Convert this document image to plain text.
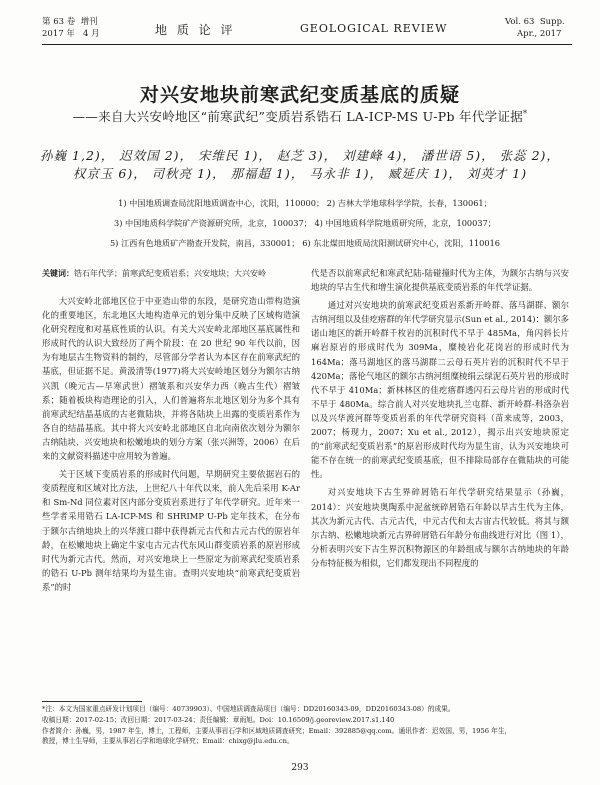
第 63 卷 增刊
2017 年 4 月	地 质 论 评	GEOLOGICAL REVIEW	Vol. 63 Supp.
Apr., 2017
对兴安地块前寒武纪变质基底的质疑
——来自大兴安岭地区“前寒武纪”变质岩系锆石 LA-ICP-MS U-Pb 年代学证据*
孙巍 1,2)， 迟效国 2)， 宋维民 1)， 赵芝 3)， 刘建峰 4)， 潘世语 5)， 张蕊 2)，
权京玉 6)， 司秋亮 1)， 那福超 1)， 马永非 1)， 臧延庆 1)， 刘英才 1)
1) 中国地质调查局沈阳地质调查中心，沈阳，110000； 2) 吉林大学地球科学学院，长春，130061；
3) 中国地质科学院矿产资源研究所，北京，100037； 4) 中国地质科学院地质研究所，北京，100037；
5) 江西有色地质矿产勘查开发院，南昌，330001； 6) 东北煤田地质局沈阳测试研究中心，沈阳，110016
关键词：锆石年代学；前寒武纪变质岩系；兴安地块；大兴安岭

大兴安岭北部地区位于中亚造山带的东段，是研究造山带构造演化的重要地区，东北地区大地构造单元的划分集中反映了区域构造演化研究程度和对基底性质的认识。有关大兴安岭北部地区基底属性和形成时代的认识大致经历了两个阶段：在 20 世纪 90 年代以前，因为有地层古生物资料的制约，尽管部分学者认为本区存在前寒武纪的基底，但证据不足。黄汲清等(1977)将大兴安岭地区划分为额尔古纳兴凯（晚元古—早寒武世）褶皱系和兴安华力西（晚古生代）褶皱系；随着板块构造理论的引入，人们普遍将东北地区划分为多个具有前寒武纪结晶基底的古老微陆块，并将各陆块上出露的变质岩系作为各自的结晶基底。其中将大兴安岭北部地区自北向南依次划分为额尔古纳陆块、兴安地块和松嫩地块的划分方案（张兴洲等，2006）在后来的文献资料描述中应用较为普遍。

关于区域下变质岩系的形成时代问题，早期研究主要依据岩石的变质程度和区域对比方法，上世纪八十年代以来，前人先后采用 K-Ar 和 Sm-Nd 同位素对区内部分变质岩系进行了年代学研究。近年来一些学者采用锆石 LA-ICP-MS 和 SHRIMP U-Pb 定年技术，在分布于额尔古纳地块上的兴华渡口群中获得新元古代和古元古代的原岩年龄，在松嫩地块上确定牛家屯古元古代东风山群变质岩系的原岩形成时代为新元古代。然而，对兴安地块上一些原定为前寒武纪变质岩系的锆石 U-Pb 测年结果均为显生宙。查明兴安地块“前寒武纪变质岩系”的时

代是否以前寒武纪和寒武纪陆-陆碰撞时代为主体，为额尔古纳与兴安地块的早古生代和增生演化提供基底变质岩系的年代学证据。

通过对兴安地块的前寒武纪变质岩系新开岭群、落马湖群、额尔古纳河组以及佳疙瘩群的年代学研究显示(Sun et al., 2014)：额尔多诺山地区的新开岭群千枚岩的沉积时代不早于 485Ma，角闪斜长片麻岩原岩的形成时代为 309Ma，糜棱岩化花岗岩的形成时代为 164Ma；落马湖地区的落马湖群二云母石英片岩的沉积时代不早于 420Ma；落伦气地区的额尔古纳河组糜棱绢云绿泥石英片岩的形成时代不早于 410Ma；新林林区的佳疙瘩群透闪石云母片岩的形成时代不早于 480Ma。综合前人对兴安地块扎兰屯群、新开岭群-科洛杂岩以及兴华渡河群等变质岩系的年代学研究资料（苗来成等，2003，2007；杨现力，2007；Xu et al., 2012），揭示出兴安地块原定的“前寒武纪变质岩系”的原岩形成时代均为显生宙，认为兴安地块可能不存在统一的前寒武纪变质基底，但不排除局部存在微陆块的可能性。

对兴安地块下古生界碎屑锆石年代学研究结果显示（孙巍，2014）：兴安地块奥陶系中泥盆统碎屑锆石年龄以早古生代为主体，其次为新元古代、古元古代，中元古代和太古宙古代较低。将其与额尔古纳、松嫩地块新元古界碎屑锆石年龄分布曲线进行对比（图 1），分析表明兴安下古生界沉积物源区的年龄组成与额尔古纳地块的年龄分布特征极为相似，它们都发现出不同程度的

*注：本文为国家重点研发计划项目（编号：40739903）、中国地质调查局项目（编号：DD20160343-09，DD20160343-08）的成果。
收稿日期：2017-02-15；改回日期：2017-03-24；责任编辑：章雨旭。Doi：10.16509/j.georeview.2017.s1.140
作者简介：孙巍，男，1987 年生，博士，工程师，主要从事岩石学和区域地质调查研究；Email：392885@qq.com。通讯作者：迟效国，男，1956 年生，
教授，博士生导师，主要从事岩石学和地球化学研究；Email：chixg@jlu.edu.cn。
293
